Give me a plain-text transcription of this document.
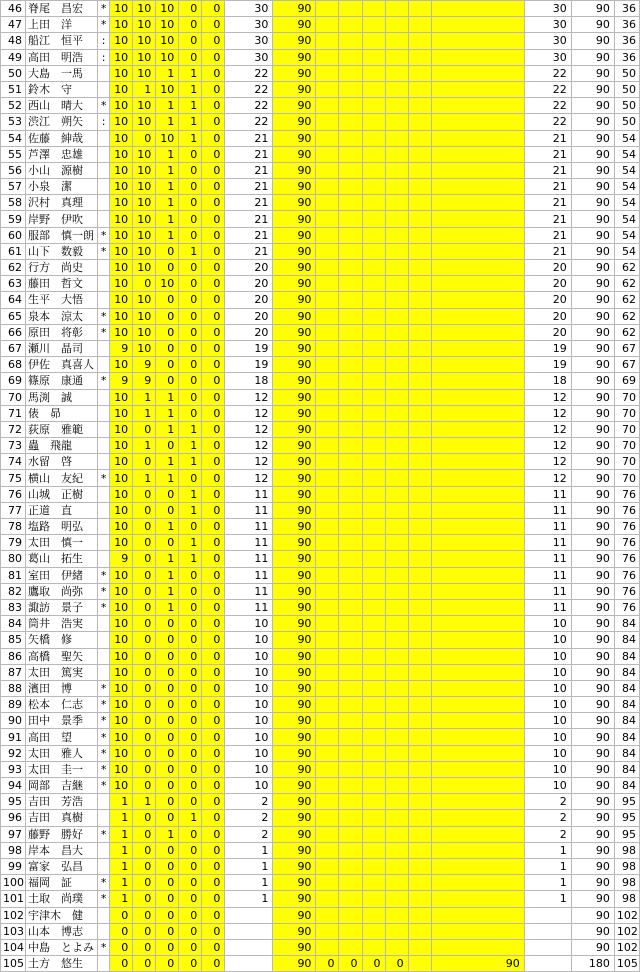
46	脊尾　昌宏	*	10	10	10	0	0	30	90							30	90	36
47	上田　洋	*	10	10	10	0	0	30	90							30	90	36
48	船江　恒平	:	10	10	10	0	0	30	90							30	90	36
49	高田　明浩	:	10	10	10	0	0	30	90							30	90	36
50	大島　一馬		10	10	1	1	0	22	90							22	90	50
51	鈴木　守		10	1	10	1	0	22	90							22	90	50
52	西山　晴大	*	10	10	1	1	0	22	90							22	90	50
53	渋江　朔矢	:	10	10	1	1	0	22	90							22	90	50
54	佐藤　紳哉		10	0	10	1	0	21	90							21	90	54
55	芦澤　忠雄		10	10	1	0	0	21	90							21	90	54
56	小山　源樹		10	10	1	0	0	21	90							21	90	54
57	小泉　潔		10	10	1	0	0	21	90							21	90	54
58	沢村　真理		10	10	1	0	0	21	90							21	90	54
59	岸野　伊吹		10	10	1	0	0	21	90							21	90	54
60	服部　慎一朗	*	10	10	1	0	0	21	90							21	90	54
61	山下　数毅	*	10	10	0	1	0	21	90							21	90	54
62	行方　尚史		10	10	0	0	0	20	90							20	90	62
63	藤田　哲文		10	0	10	0	0	20	90							20	90	62
64	生平　大悟		10	10	0	0	0	20	90							20	90	62
65	泉本　涼太	*	10	10	0	0	0	20	90							20	90	62
66	原田　将彰	*	10	10	0	0	0	20	90							20	90	62
67	瀬川　晶司		9	10	0	0	0	19	90							19	90	67
68	伊佐　真喜人		10	9	0	0	0	19	90							19	90	67
69	篠原　康通	*	9	9	0	0	0	18	90							18	90	69
70	馬渕　誠		10	1	1	0	0	12	90							12	90	70
71	俵　昴		10	1	1	0	0	12	90							12	90	70
72	荻原　雅範		10	0	1	1	0	12	90							12	90	70
73	蟲　飛龍		10	1	0	1	0	12	90							12	90	70
74	水留　啓		10	0	1	1	0	12	90							12	90	70
75	横山　友紀	*	10	1	1	0	0	12	90							12	90	70
76	山城　正樹		10	0	0	1	0	11	90							11	90	76
77	正道　直		10	0	0	1	0	11	90							11	90	76
78	塩路　明弘		10	0	1	0	0	11	90							11	90	76
79	太田　慎一		10	0	0	1	0	11	90							11	90	76
80	葛山　拓生		9	0	1	1	0	11	90							11	90	76
81	室田　伊緒	*	10	0	1	0	0	11	90							11	90	76
82	鷹取　尚弥	*	10	0	1	0	0	11	90							11	90	76
83	諏訪　景子	*	10	0	1	0	0	11	90							11	90	76
84	筒井　浩実		10	0	0	0	0	10	90							10	90	84
85	矢橋　修		10	0	0	0	0	10	90							10	90	84
86	高橋　聖矢		10	0	0	0	0	10	90							10	90	84
87	太田　篤実		10	0	0	0	0	10	90							10	90	84
88	濱田　博	*	10	0	0	0	0	10	90							10	90	84
89	松本　仁志	*	10	0	0	0	0	10	90							10	90	84
90	田中　景季	*	10	0	0	0	0	10	90							10	90	84
91	高田　望	*	10	0	0	0	0	10	90							10	90	84
92	太田　雅人	*	10	0	0	0	0	10	90							10	90	84
93	太田　圭一	*	10	0	0	0	0	10	90							10	90	84
94	岡部　吉継	*	10	0	0	0	0	10	90							10	90	84
95	吉田　芳浩		1	1	0	0	0	2	90							2	90	95
96	吉田　真樹		1	0	0	1	0	2	90							2	90	95
97	藤野　勝好	*	1	0	1	0	0	2	90							2	90	95
98	岸本　昌大		1	0	0	0	0	1	90							1	90	98
99	富家　弘昌		1	0	0	0	0	1	90							1	90	98
100	福岡　証	*	1	0	0	0	0	1	90							1	90	98
101	土取　尚璞	*	1	0	0	0	0	1	90							1	90	98
102	宇津木　健		0	0	0	0	0		90								90	102
103	山本　博志		0	0	0	0	0		90								90	102
104	中島　とよみ	*	0	0	0	0	0		90								90	102
105	土方　悠生		0	0	0	0	0		90	0	0	0	0		90		180	105
